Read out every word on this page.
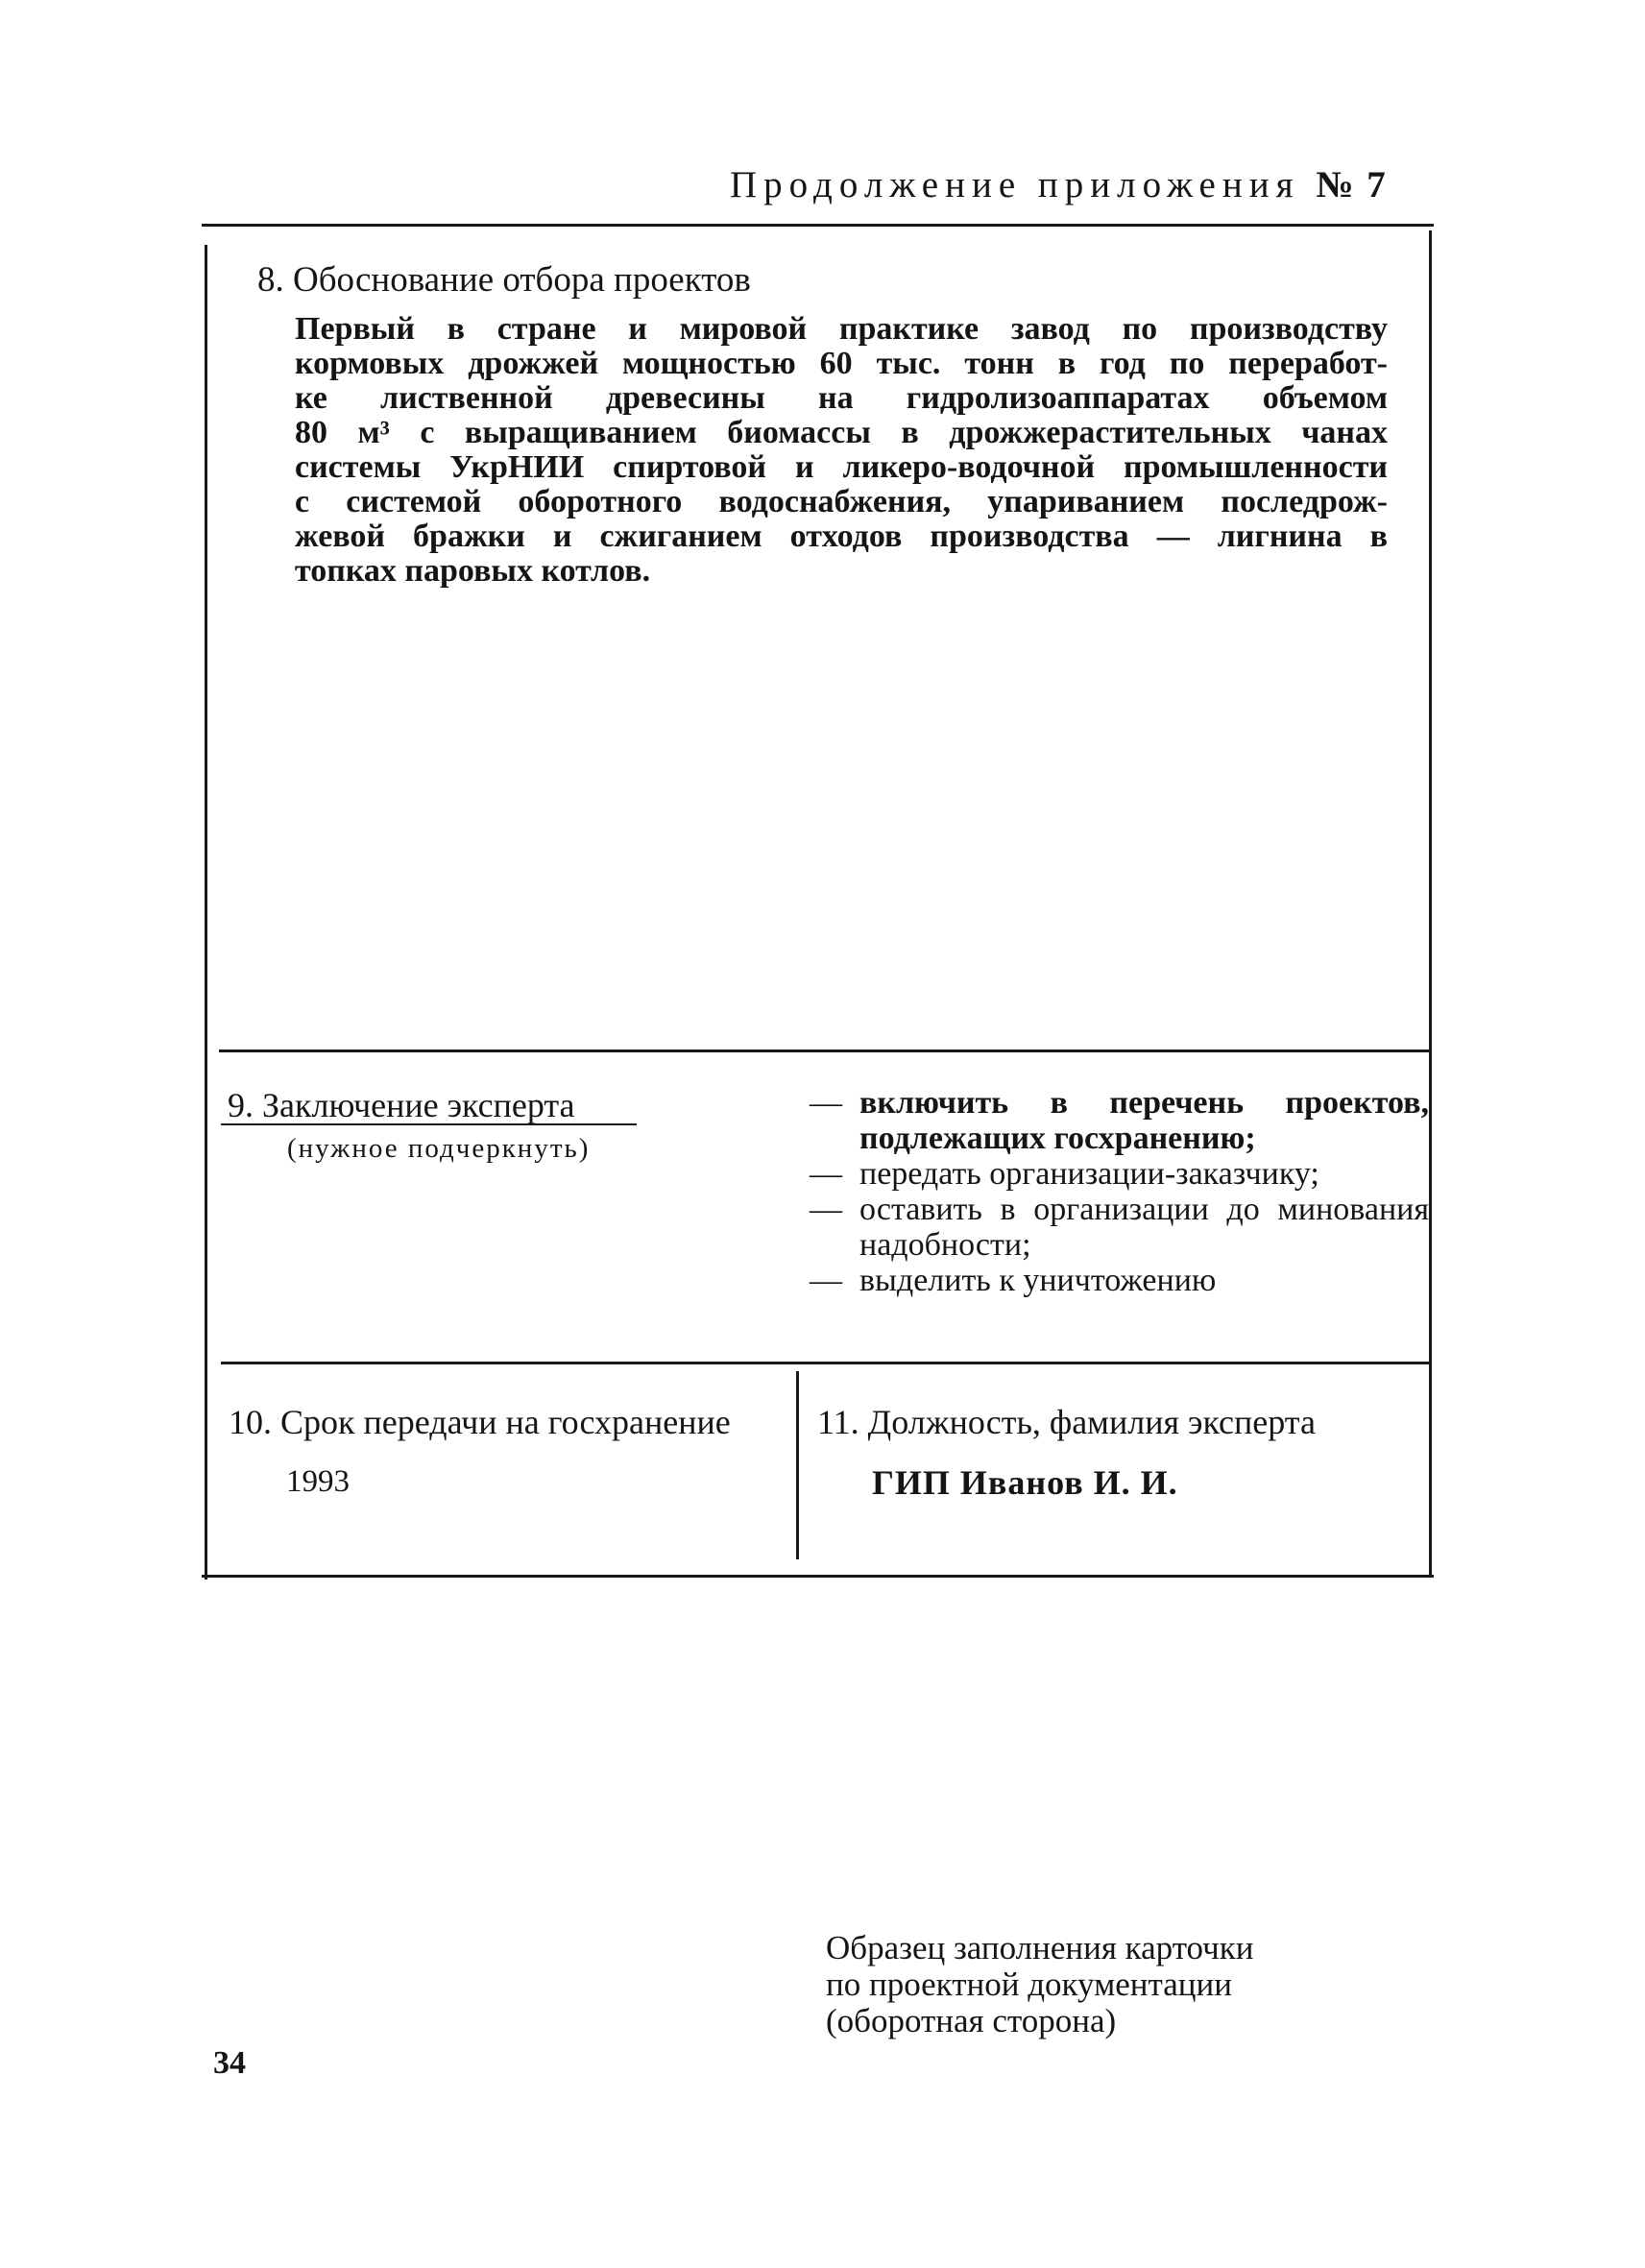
Продолжение приложения № 7
8. Обоснование отбора проектов
Первый в стране и мировой практике завод по производству
кормовых дрожжей мощностью 60 тыс. тонн в год по переработ-
ке лиственной древесины на гидролизоаппаратах объемом
80 м³ с выращиванием биомассы в дрожжерастительных чанах
системы УкрНИИ спиртовой и ликеро-водочной промышленности
с системой оборотного водоснабжения, упариванием последрож-
жевой бражки и сжиганием отходов производства — лигнина в
топках паровых котлов.
9. Заключение эксперта
(нужное подчеркнуть)
— включить в перечень проектов, подлежащих госхранению;
— передать организации-заказчику;
— оставить в организации до минования надобности;
— выделить к уничтожению
10. Срок передачи на госхранение
1993
11. Должность, фамилия эксперта
ГИП Иванов И. И.
Образец заполнения карточки
по проектной документации
(оборотная сторона)
34
